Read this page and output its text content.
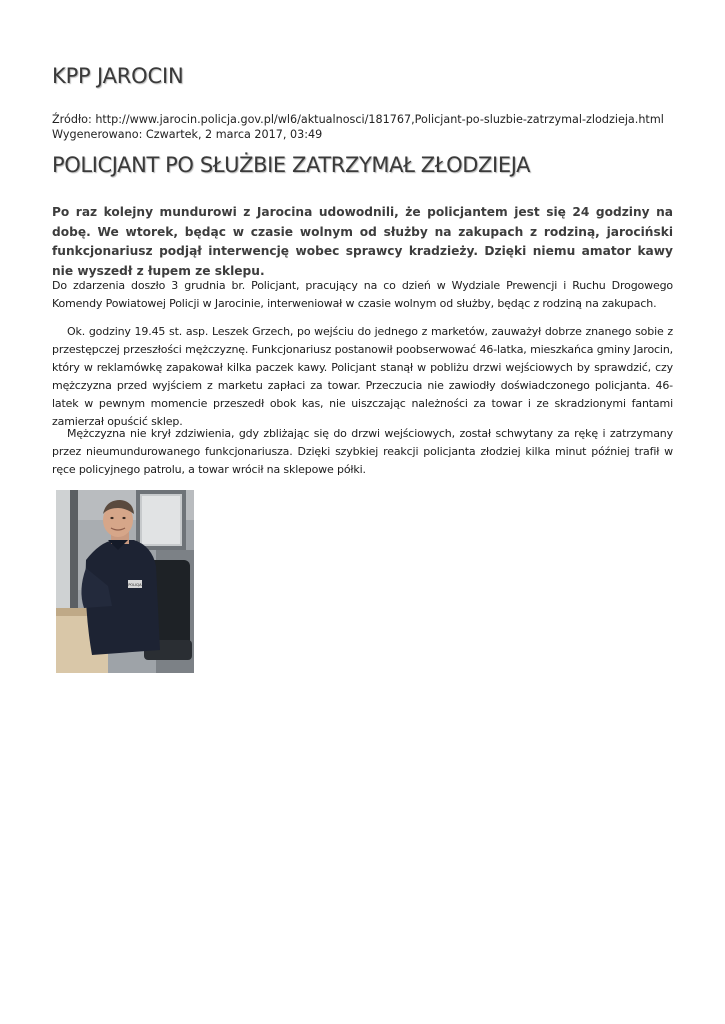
KPP JAROCIN
Źródło: http://www.jarocin.policja.gov.pl/wl6/aktualnosci/181767,Policjant-po-sluzbie-zatrzymal-zlodzieja.html
Wygenerowano: Czwartek, 2 marca 2017, 03:49
POLICJANT PO SŁUŻBIE ZATRZYMAŁ ZŁODZIEJA

Po raz kolejny mundurowi z Jarocina udowodnili, że policjantem jest się 24 godziny na dobę. We wtorek, będąc w czasie wolnym od służby na zakupach z rodziną, jarociński funkcjonariusz podjął interwencję wobec sprawcy kradzieży. Dzięki niemu amator kawy nie wyszedł z łupem ze sklepu.

Do zdarzenia doszło 3 grudnia br. Policjant, pracujący na co dzień w Wydziale Prewencji i Ruchu Drogowego Komendy Powiatowej Policji w Jarocinie, interweniował w czasie wolnym od służby, będąc z rodziną na zakupach.

Ok. godziny 19.45 st. asp. Leszek Grzech, po wejściu do jednego z marketów, zauważył dobrze znanego sobie z przestępczej przeszłości mężczyznę. Funkcjonariusz postanowił poobserwować 46-latka, mieszkańca gminy Jarocin, który w reklamówkę zapakował kilka paczek kawy. Policjant stanął w pobliżu drzwi wejściowych by sprawdzić, czy mężczyzna przed wyjściem z marketu zapłaci za towar. Przeczucia nie zawiodły doświadczonego policjanta. 46-latek w pewnym momencie przeszedł obok kas, nie uiszczając należności za towar i ze skradzionymi fantami zamierzał opuścić sklep.

Mężczyzna nie krył zdziwienia, gdy zbliżając się do drzwi wejściowych, został schwytany za rękę i zatrzymany przez nieumundurowanego funkcjonariusza. Dzięki szybkiej reakcji policjanta złodziej kilka minut później trafił w ręce policyjnego patrolu, a towar wrócił na sklepowe półki.

POLICJA
